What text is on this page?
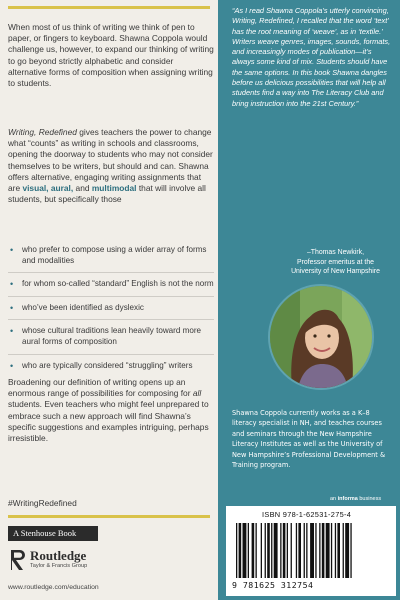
When most of us think of writing we think of pen to paper, or fingers to keyboard. Shawna Coppola would challenge us, however, to expand our thinking of writing to go beyond strictly alphabetic and consider alternative forms of composition when assigning writing to students.

Writing, Redefined gives teachers the power to change what “counts” as writing in schools and classrooms, opening the doorway to students who may not consider themselves to be writers, but should and can. Shawna offers alternative, engaging writing assignments that are visual, aural, and multimodal that will involve all students, but specifically those

• who prefer to compose using a wider array of forms and modalities
• for whom so-called “standard” English is not the norm
• who’ve been identified as dyslexic
• whose cultural traditions lean heavily toward more aural forms of composition
• who are typically considered “struggling” writers

Broadening our definition of writing opens up an enormous range of possibilities for composing for all students. Even teachers who might feel unprepared to embrace such a new approach will find Shawna’s specific suggestions and examples intriguing, perhaps irresistible.

#WritingRedefined
A Stenhouse Book
Routledge
Taylor & Francis Group
www.routledge.com/education

“As I read Shawna Coppola’s utterly convincing, Writing, Redefined, I recalled that the word ‘text’ has the root meaning of ‘weave’, as in ‘textile.’ Writers weave genres, images, sounds, formats, and increasingly modes of publication—it’s always some kind of mix. Students should have the same options. In this book Shawna dangles before us delicious possibilities that will help all students find a way into The Literacy Club and bring instruction into the 21st Century.”

–Thomas Newkirk,
Professor emeritus at the
University of New Hampshire

Shawna Coppola currently works as a K–8 literacy specialist in NH, and teaches courses and seminars through the New Hampshire Literacy Institutes as well as the University of New Hampshire’s Professional Development & Training program.

an informa business
ISBN 978-1-62531-275-4
9 781625 312754
